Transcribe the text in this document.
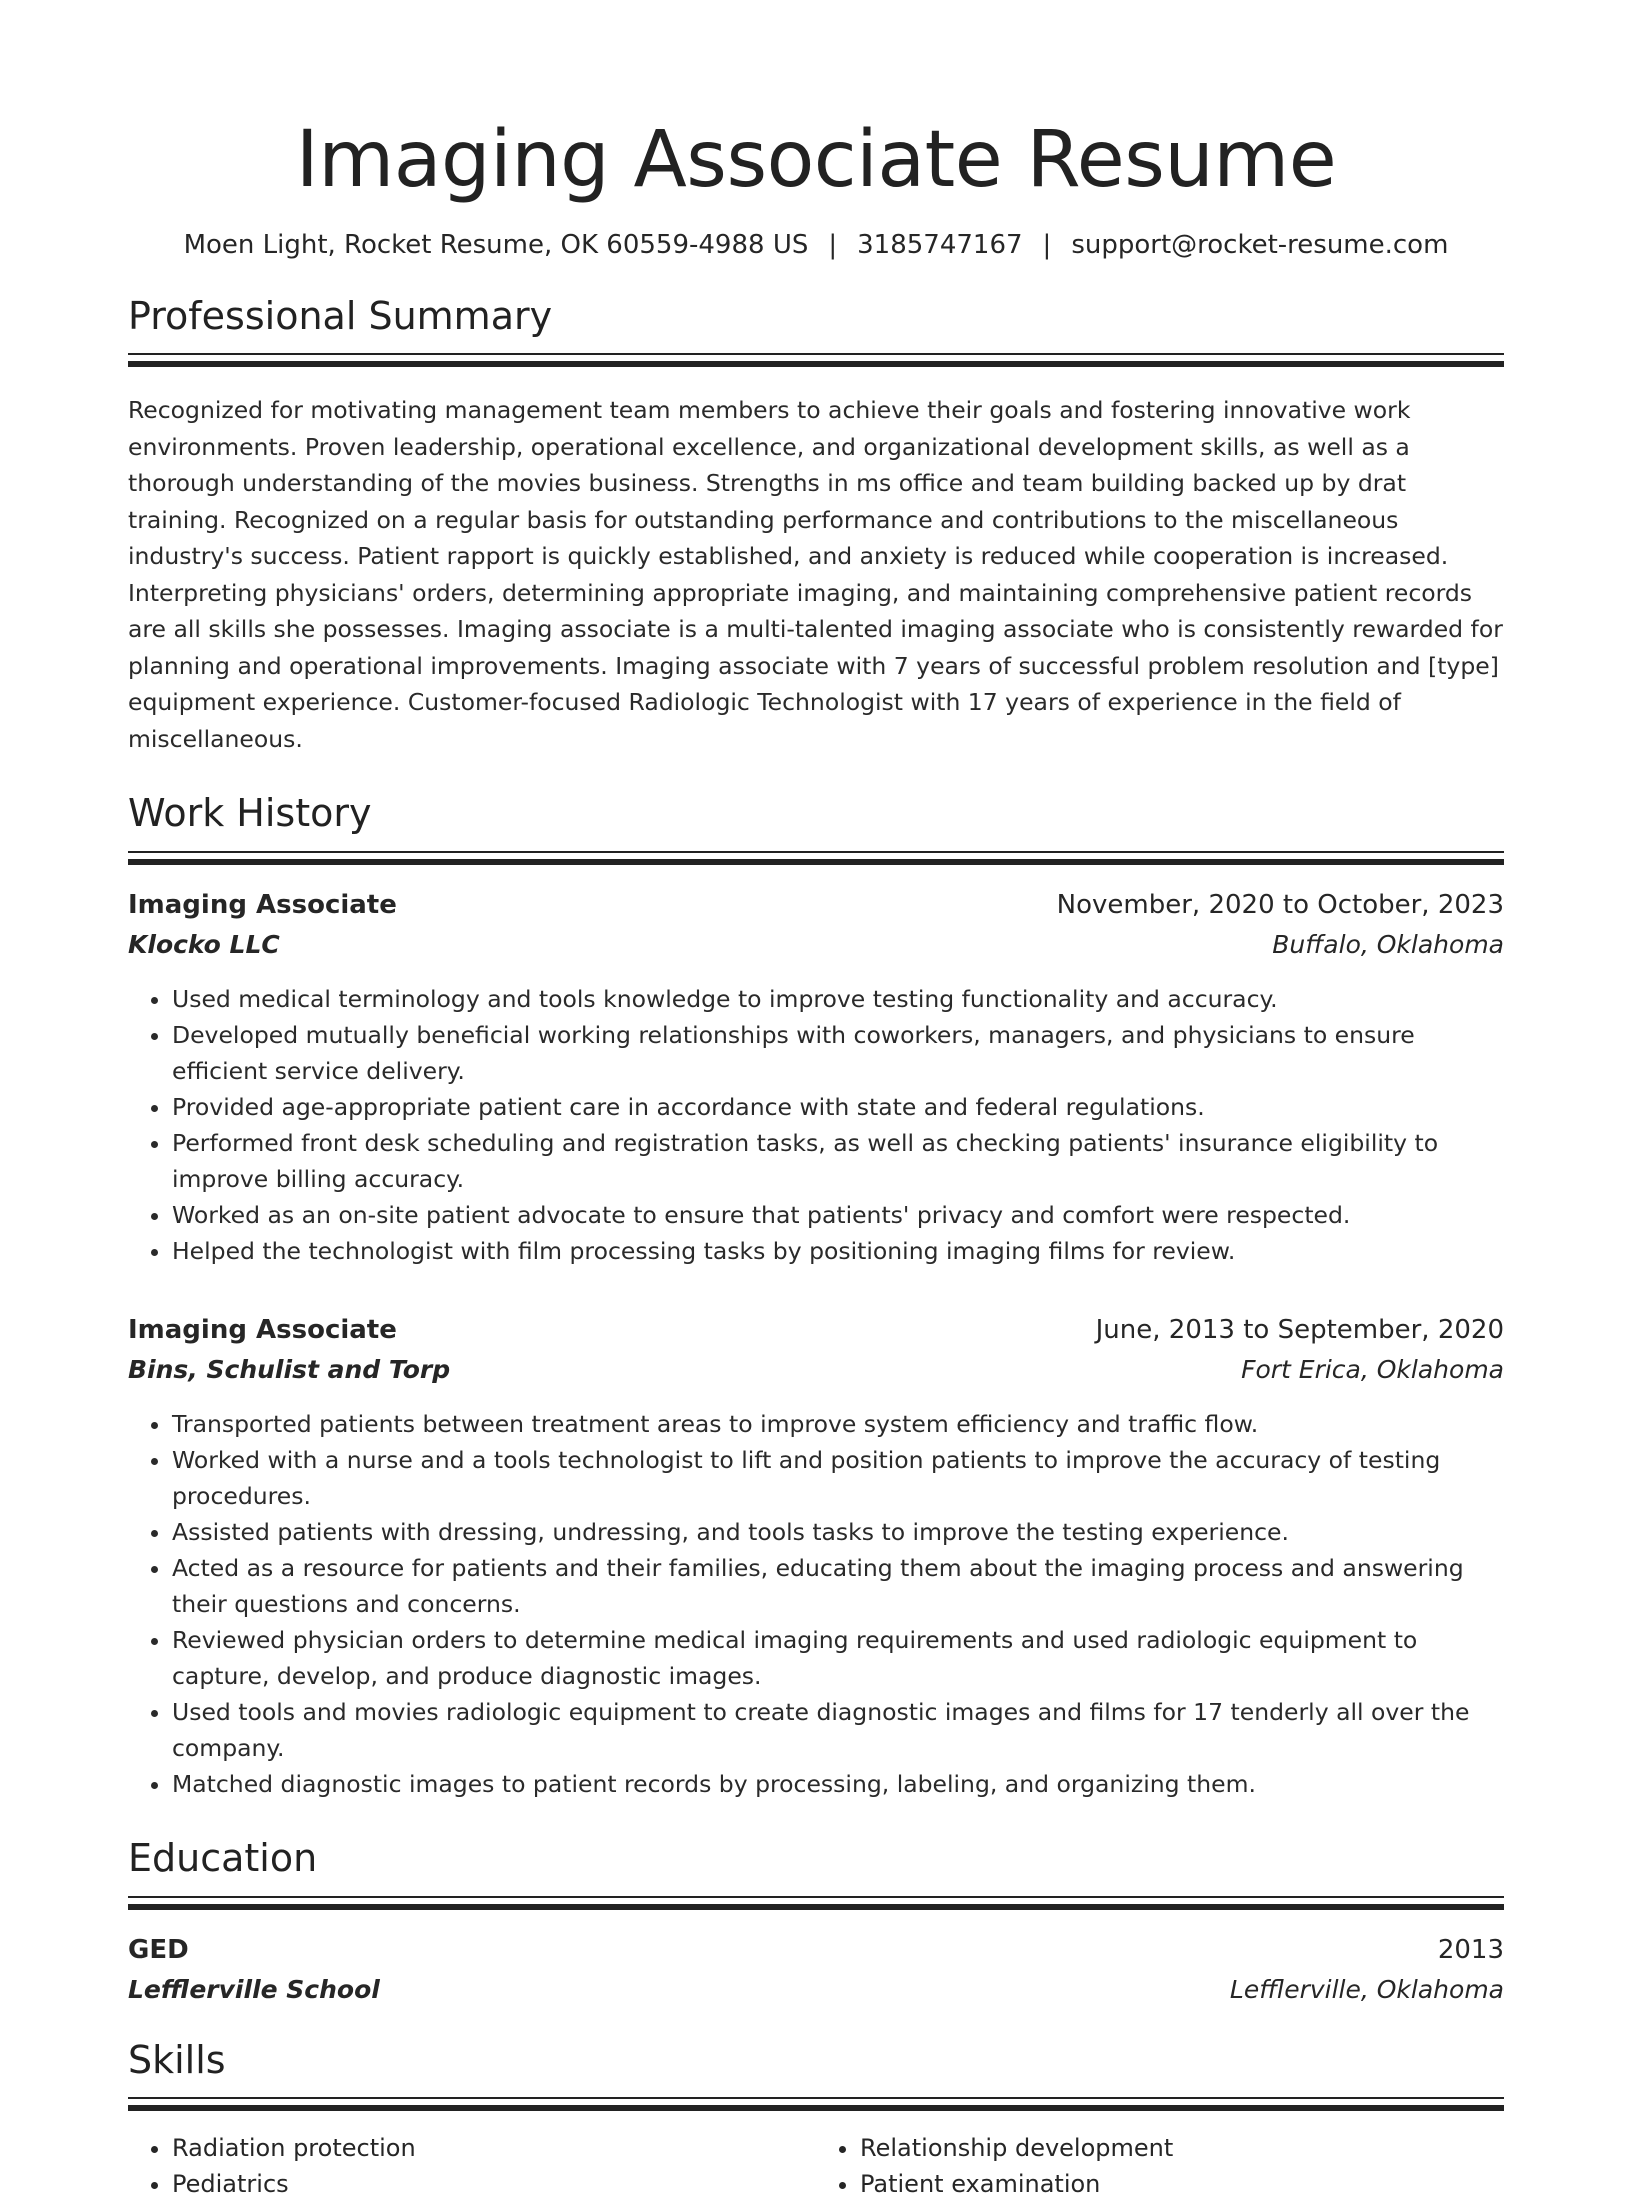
Imaging Associate Resume
Moen Light, Rocket Resume, OK 60559-4988 US | 3185747167 | support@rocket-resume.com
Professional Summary
Recognized for motivating management team members to achieve their goals and fostering innovative work environments. Proven leadership, operational excellence, and organizational development skills, as well as a thorough understanding of the movies business. Strengths in ms office and team building backed up by drat training. Recognized on a regular basis for outstanding performance and contributions to the miscellaneous industry's success. Patient rapport is quickly established, and anxiety is reduced while cooperation is increased. Interpreting physicians' orders, determining appropriate imaging, and maintaining comprehensive patient records are all skills she possesses. Imaging associate is a multi-talented imaging associate who is consistently rewarded for planning and operational improvements. Imaging associate with 7 years of successful problem resolution and [type] equipment experience. Customer-focused Radiologic Technologist with 17 years of experience in the field of miscellaneous.
Work History
Imaging Associate	November, 2020 to October, 2023
Klocko LLC	Buffalo, Oklahoma
• Used medical terminology and tools knowledge to improve testing functionality and accuracy.
• Developed mutually beneficial working relationships with coworkers, managers, and physicians to ensure efficient service delivery.
• Provided age-appropriate patient care in accordance with state and federal regulations.
• Performed front desk scheduling and registration tasks, as well as checking patients' insurance eligibility to improve billing accuracy.
• Worked as an on-site patient advocate to ensure that patients' privacy and comfort were respected.
• Helped the technologist with film processing tasks by positioning imaging films for review.
Imaging Associate	June, 2013 to September, 2020
Bins, Schulist and Torp	Fort Erica, Oklahoma
• Transported patients between treatment areas to improve system efficiency and traffic flow.
• Worked with a nurse and a tools technologist to lift and position patients to improve the accuracy of testing procedures.
• Assisted patients with dressing, undressing, and tools tasks to improve the testing experience.
• Acted as a resource for patients and their families, educating them about the imaging process and answering their questions and concerns.
• Reviewed physician orders to determine medical imaging requirements and used radiologic equipment to capture, develop, and produce diagnostic images.
• Used tools and movies radiologic equipment to create diagnostic images and films for 17 tenderly all over the company.
• Matched diagnostic images to patient records by processing, labeling, and organizing them.
Education
GED	2013
Lefflerville School	Lefflerville, Oklahoma
Skills
• Radiation protection
• Pediatrics
• Relationship development
• Patient examination
